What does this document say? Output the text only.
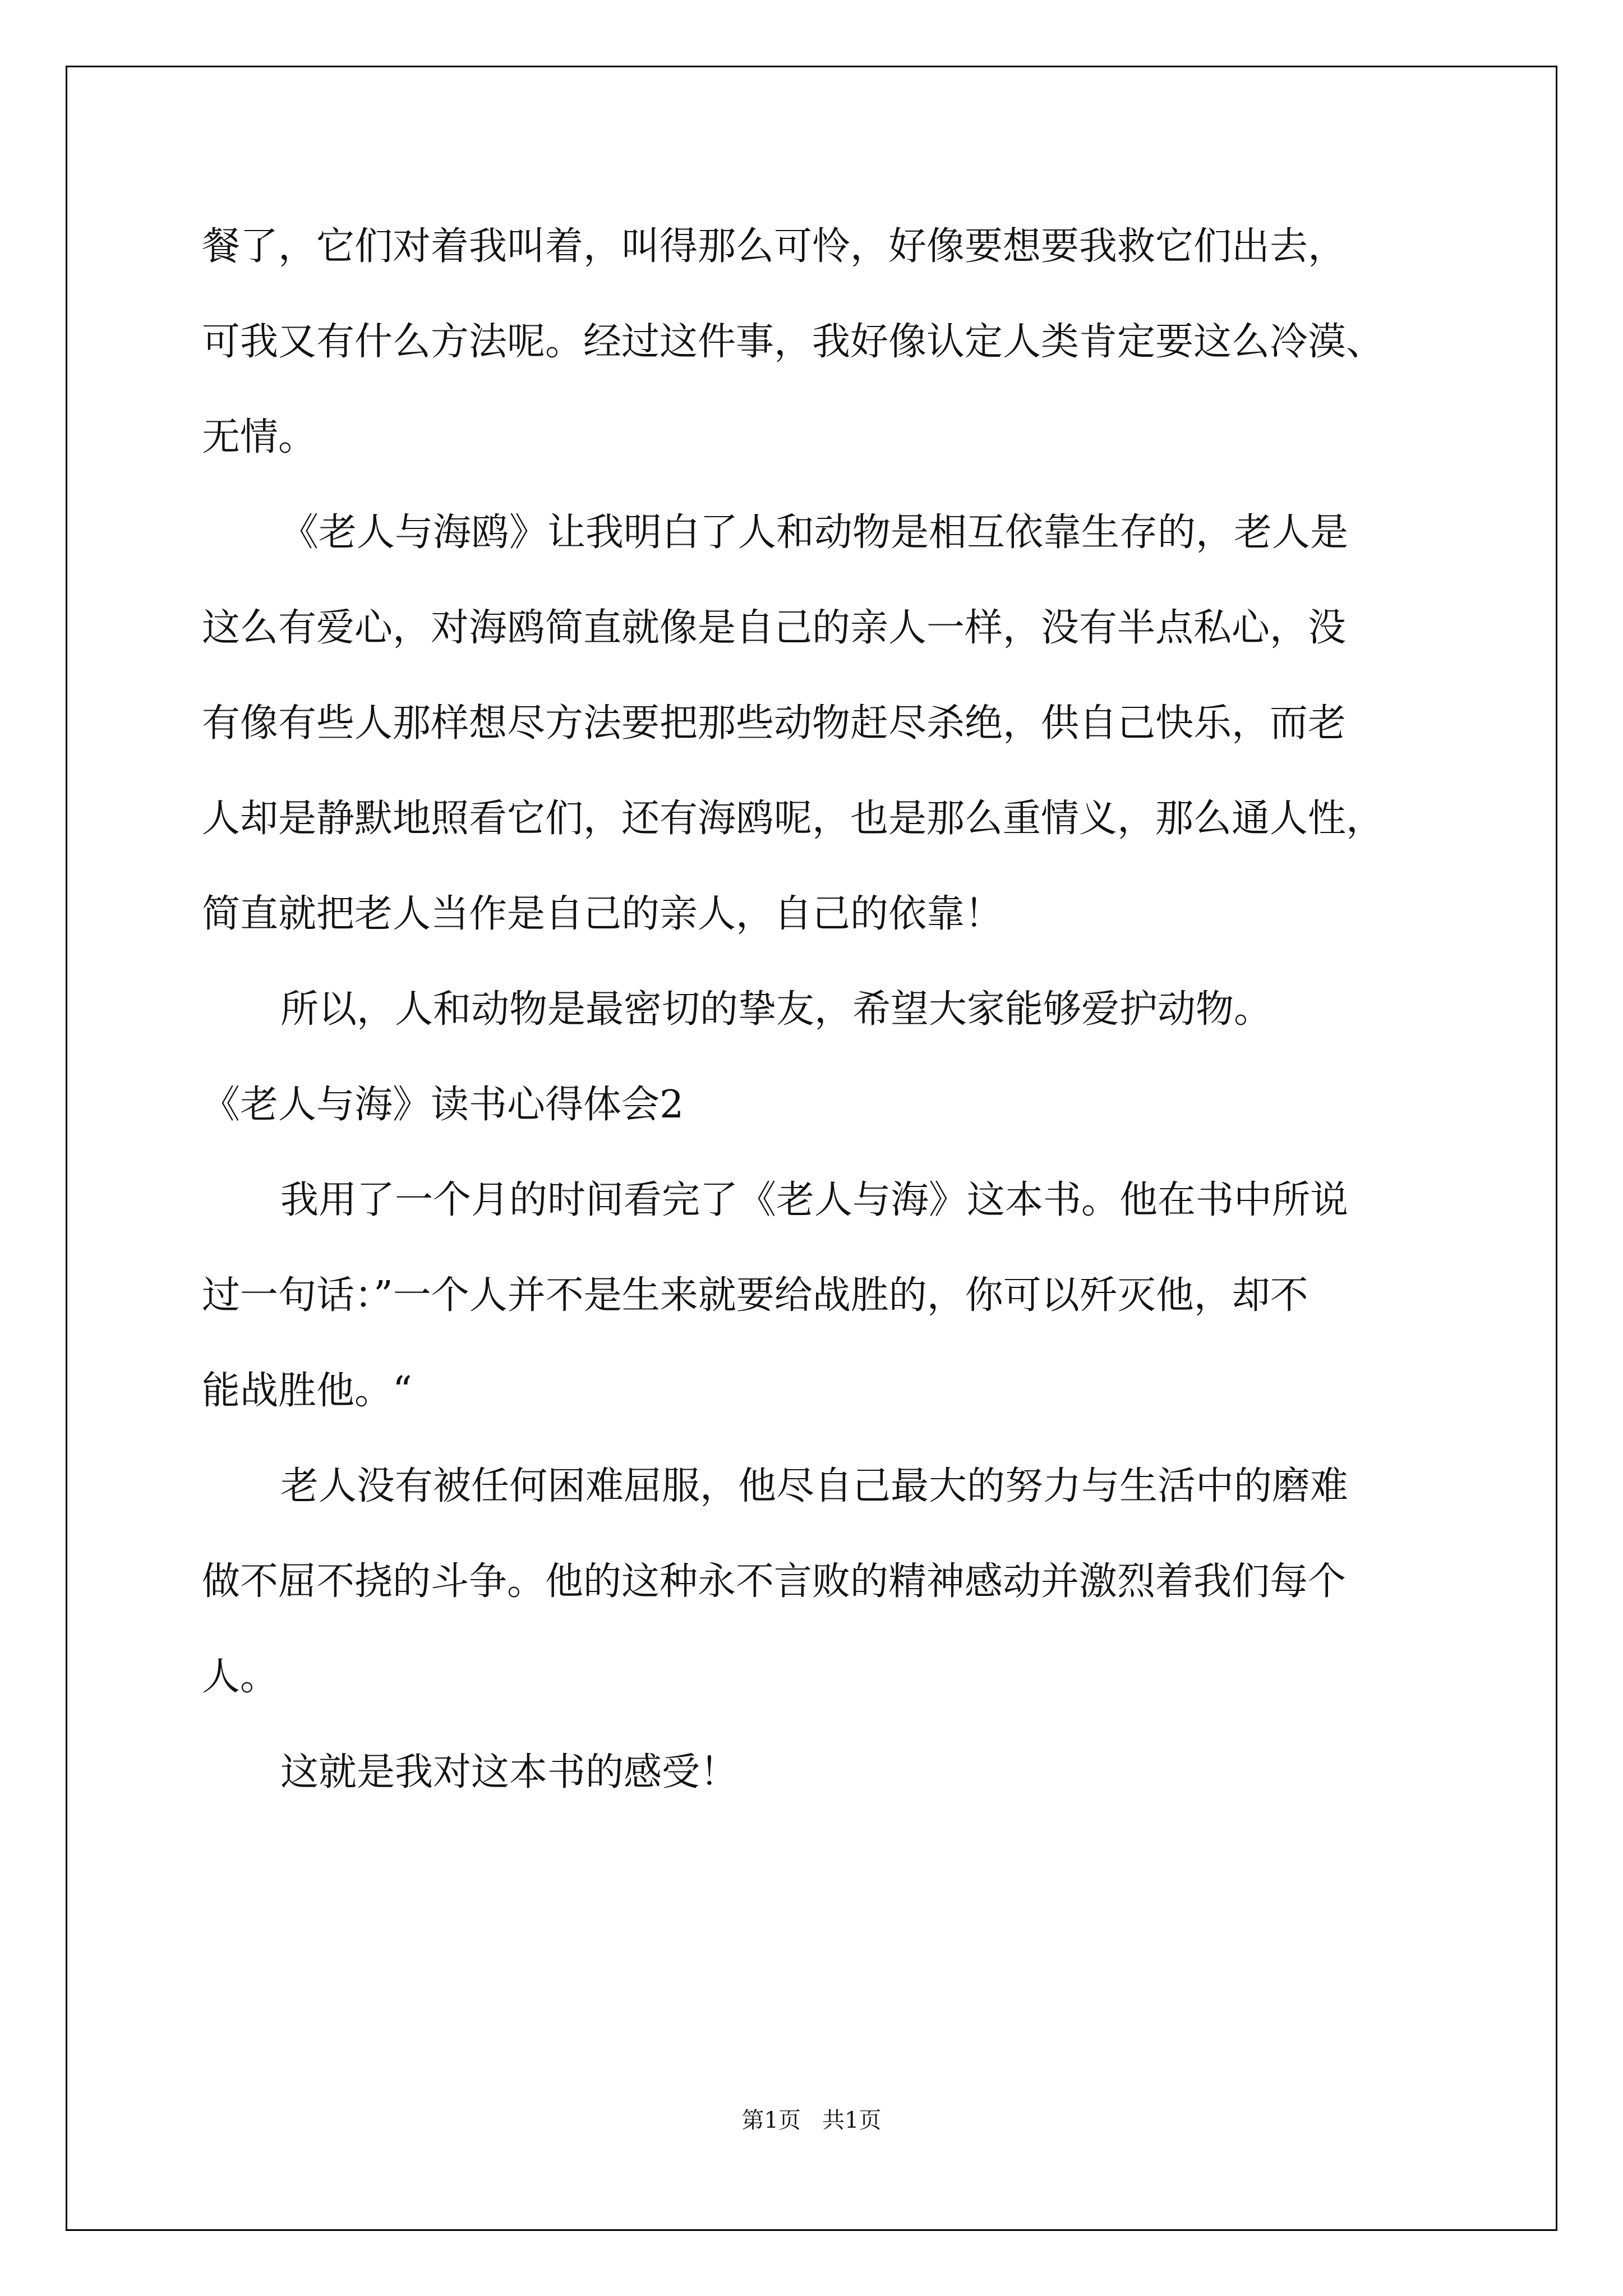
餐了，它们对着我叫着，叫得那么可怜，好像要想要我救它们出去，
可我又有什么方法呢。经过这件事，我好像认定人类肯定要这么冷漠、
无情。
《老人与海鸥》让我明白了人和动物是相互依靠生存的，老人是
这么有爱心，对海鸥简直就像是自己的亲人一样，没有半点私心，没
有像有些人那样想尽方法要把那些动物赶尽杀绝，供自己快乐，而老
人却是静默地照看它们，还有海鸥呢，也是那么重情义，那么通人性，
简直就把老人当作是自己的亲人，自己的依靠！
所以，人和动物是最密切的挚友，希望大家能够爱护动物。
《老人与海》读书心得体会2
我用了一个月的时间看完了《老人与海》这本书。他在书中所说
过一句话：”一个人并不是生来就要给战胜的，你可以歼灭他，却不
能战胜他。“
老人没有被任何困难屈服，他尽自己最大的努力与生活中的磨难
做不屈不挠的斗争。他的这种永不言败的精神感动并激烈着我们每个
人。
这就是我对这本书的感受！
第1页   共1页
